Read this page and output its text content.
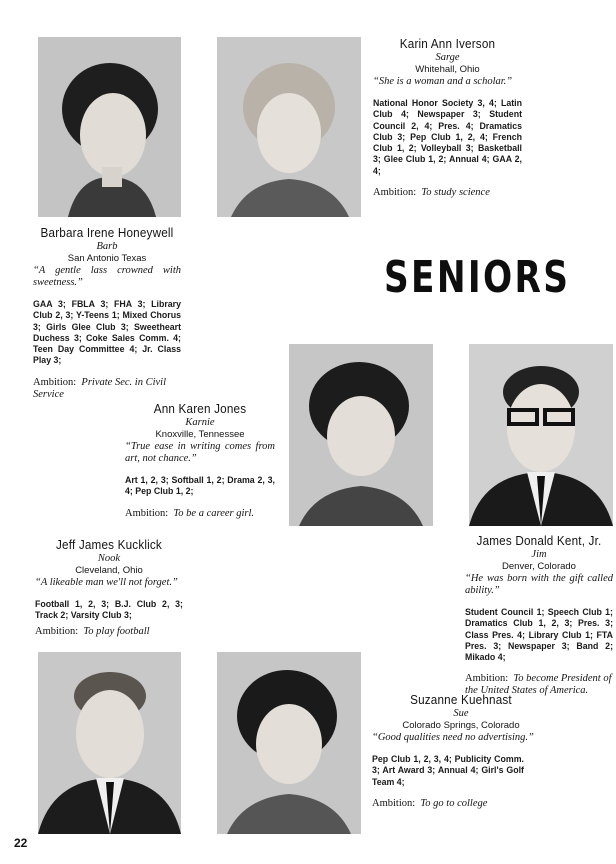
SENIORS
Barbara Irene Honeywell
Barb
San Antonio Texas
“A gentle lass crowned with sweetness.”
GAA 3; FBLA 3; FHA 3; Library Club 2, 3; Y-Teens 1; Mixed Chorus 3; Girls Glee Club 3; Sweetheart Duchess 3; Coke Sales Comm. 4; Teen Day Committee 4; Jr. Class Play 3;
Ambition: Private Sec. in Civil Service
Karin Ann Iverson
Sarge
Whitehall, Ohio
“She is a woman and a scholar.”
National Honor Society 3, 4; Latin Club 4; Newspaper 3; Student Council 2, 4; Pres. 4; Dramatics Club 3; Pep Club 1, 2, 4; French Club 1, 2; Volleyball 3; Basketball 3; Glee Club 1, 2; Annual 4; GAA 2, 4;
Ambition: To study science
Ann Karen Jones
Karnie
Knoxville, Tennessee
“True ease in writing comes from art, not chance.”
Art 1, 2, 3; Softball 1, 2; Drama 2, 3, 4; Pep Club 1, 2;
Ambition: To be a career girl.
James Donald Kent, Jr.
Jim
Denver, Colorado
“He was born with the gift called ability.”
Student Council 1; Speech Club 1; Dramatics Club 1, 2, 3; Pres. 3; Class Pres. 4; Library Club 1; FTA Pres. 3; Newspaper 3; Band 2; Mikado 4;
Ambition: To become President of the United States of America.
Jeff James Kucklick
Nook
Cleveland, Ohio
“A likeable man we'll not forget.”
Football 1, 2, 3; B.J. Club 2, 3; Track 2; Varsity Club 3;
Ambition: To play football
Suzanne Kuehnast
Sue
Colorado Springs, Colorado
“Good qualities need no advertising.”
Pep Club 1, 2, 3, 4; Publicity Comm. 3; Art Award 3; Annual 4; Girl's Golf Team 4;
Ambition: To go to college
22
